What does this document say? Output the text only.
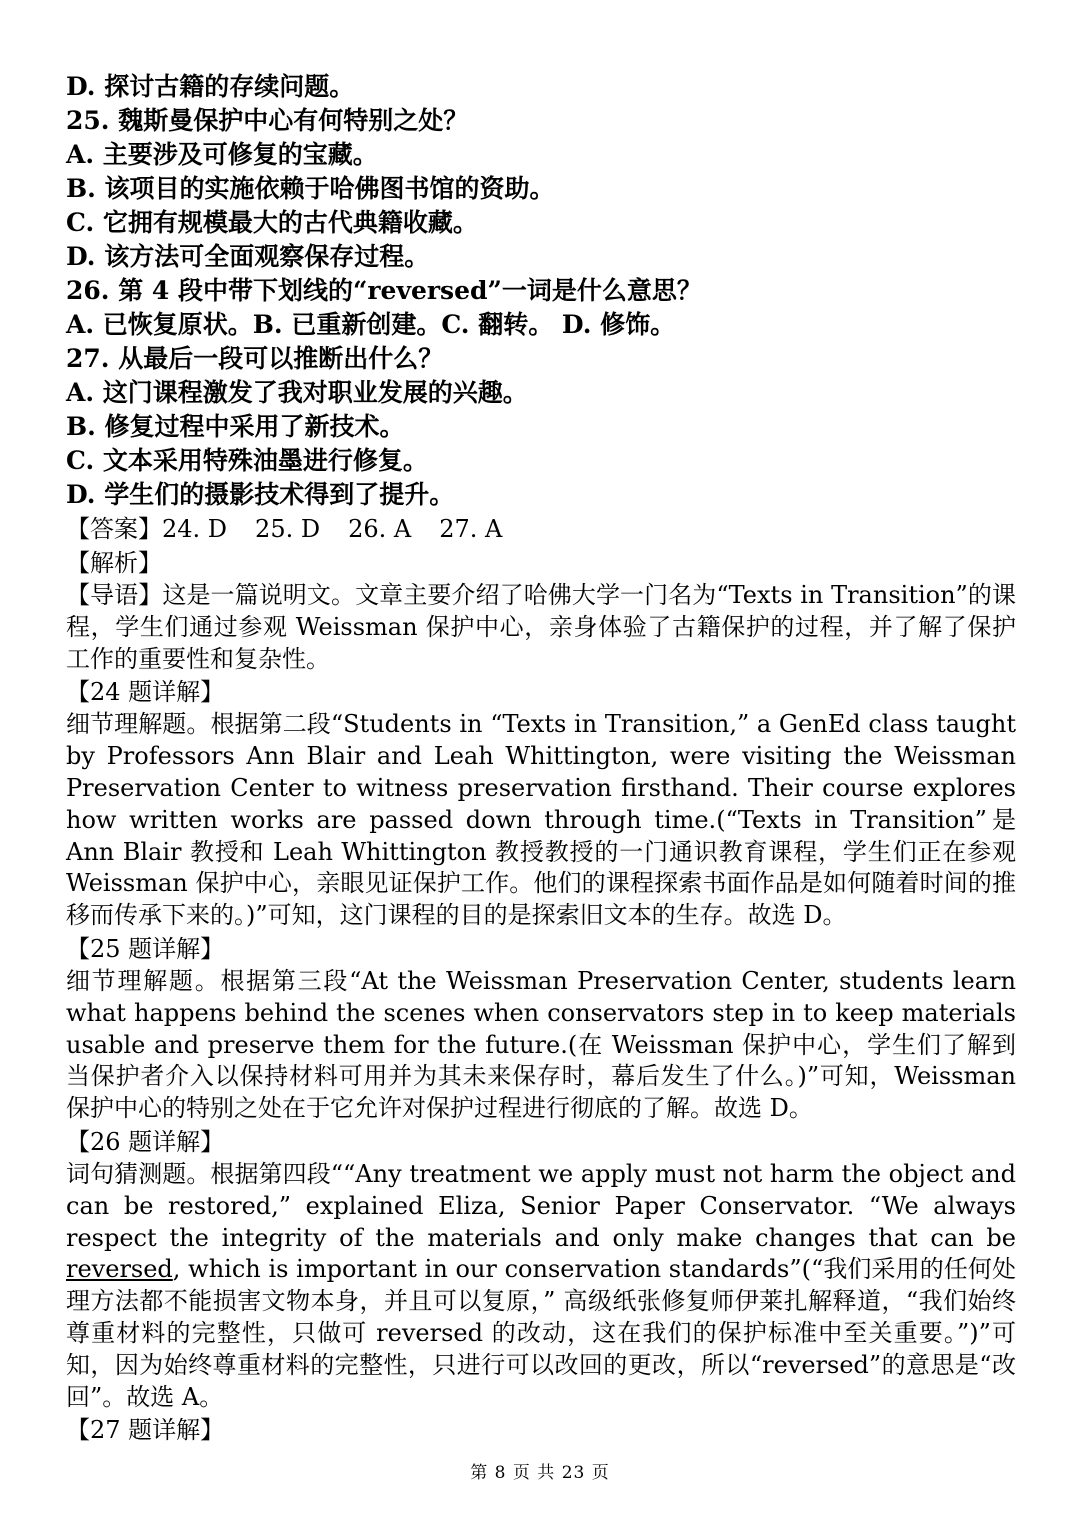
D. 探讨古籍的存续问题。
25. 魏斯曼保护中心有何特别之处？
A. 主要涉及可修复的宝藏。
B. 该项目的实施依赖于哈佛图书馆的资助。
C. 它拥有规模最大的古代典籍收藏。
D. 该方法可全面观察保存过程。
26. 第 4 段中带下划线的“reversed”一词是什么意思？
A. 已恢复原状。B. 已重新创建。C. 翻转。 D. 修饰。
27. 从最后一段可以推断出什么？
A. 这门课程激发了我对职业发展的兴趣。
B. 修复过程中采用了新技术。
C. 文本采用特殊油墨进行修复。
D. 学生们的摄影技术得到了提升。
【答案】24. D 25. D 26. A 27. A
【解析】
【导语】这是一篇说明文。文章主要介绍了哈佛大学一门名为“Texts in Transition”的课程，学生们通过参观 Weissman 保护中心，亲身体验了古籍保护的过程，并了解了保护工作的重要性和复杂性。
【24 题详解】
细节理解题。根据第二段“Students in “Texts in Transition,” a GenEd class taught by Professors Ann Blair and Leah Whittington, were visiting the Weissman Preservation Center to witness preservation firsthand. Their course explores how written works are passed down through time.(“Texts in Transition”是 Ann Blair 教授和 Leah Whittington 教授教授的一门通识教育课程，学生们正在参观 Weissman 保护中心，亲眼见证保护工作。他们的课程探索书面作品是如何随着时间的推移而传承下来的。)”可知，这门课程的目的是探索旧文本的生存。故选 D。
【25 题详解】
细节理解题。根据第三段“At the Weissman Preservation Center, students learn what happens behind the scenes when conservators step in to keep materials usable and preserve them for the future.(在 Weissman 保护中心，学生们了解到当保护者介入以保持材料可用并为其未来保存时，幕后发生了什么。)”可知，Weissman 保护中心的特别之处在于它允许对保护过程进行彻底的了解。故选 D。
【26 题详解】
词句猜测题。根据第四段““Any treatment we apply must not harm the object and can be restored,” explained Eliza, Senior Paper Conservator. “We always respect the integrity of the materials and only make changes that can be reversed, which is important in our conservation standards”(“我们采用的任何处理方法都不能损害文物本身，并且可以复原，” 高级纸张修复师伊莱扎解释道，“我们始终尊重材料的完整性，只做可 reversed 的改动，这在我们的保护标准中至关重要。”)”可知，因为始终尊重材料的完整性，只进行可以改回的更改，所以“reversed”的意思是“改回”。故选 A。
【27 题详解】
第 8 页 共 23 页
